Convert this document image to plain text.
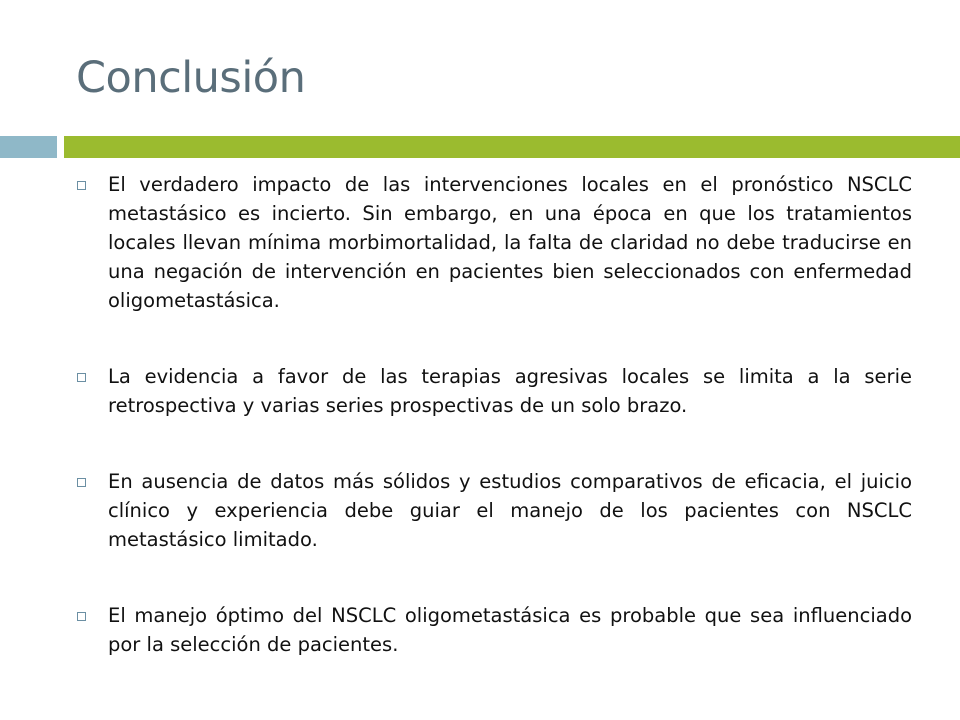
Conclusión
El verdadero impacto de las intervenciones locales en el pronóstico NSCLC metastásico es incierto. Sin embargo, en una época en que los tratamientos locales llevan mínima morbimortalidad, la falta de claridad no debe traducirse en una negación de intervención en pacientes bien seleccionados con enfermedad oligometastásica.
La evidencia a favor de las terapias agresivas locales se limita a la serie retrospectiva y varias series prospectivas de un solo brazo.
En ausencia de datos más sólidos y estudios comparativos de eficacia, el juicio clínico y experiencia debe guiar el manejo de los pacientes con NSCLC metastásico limitado.
El manejo óptimo del NSCLC oligometastásica es probable que sea influenciado por la selección de pacientes.
